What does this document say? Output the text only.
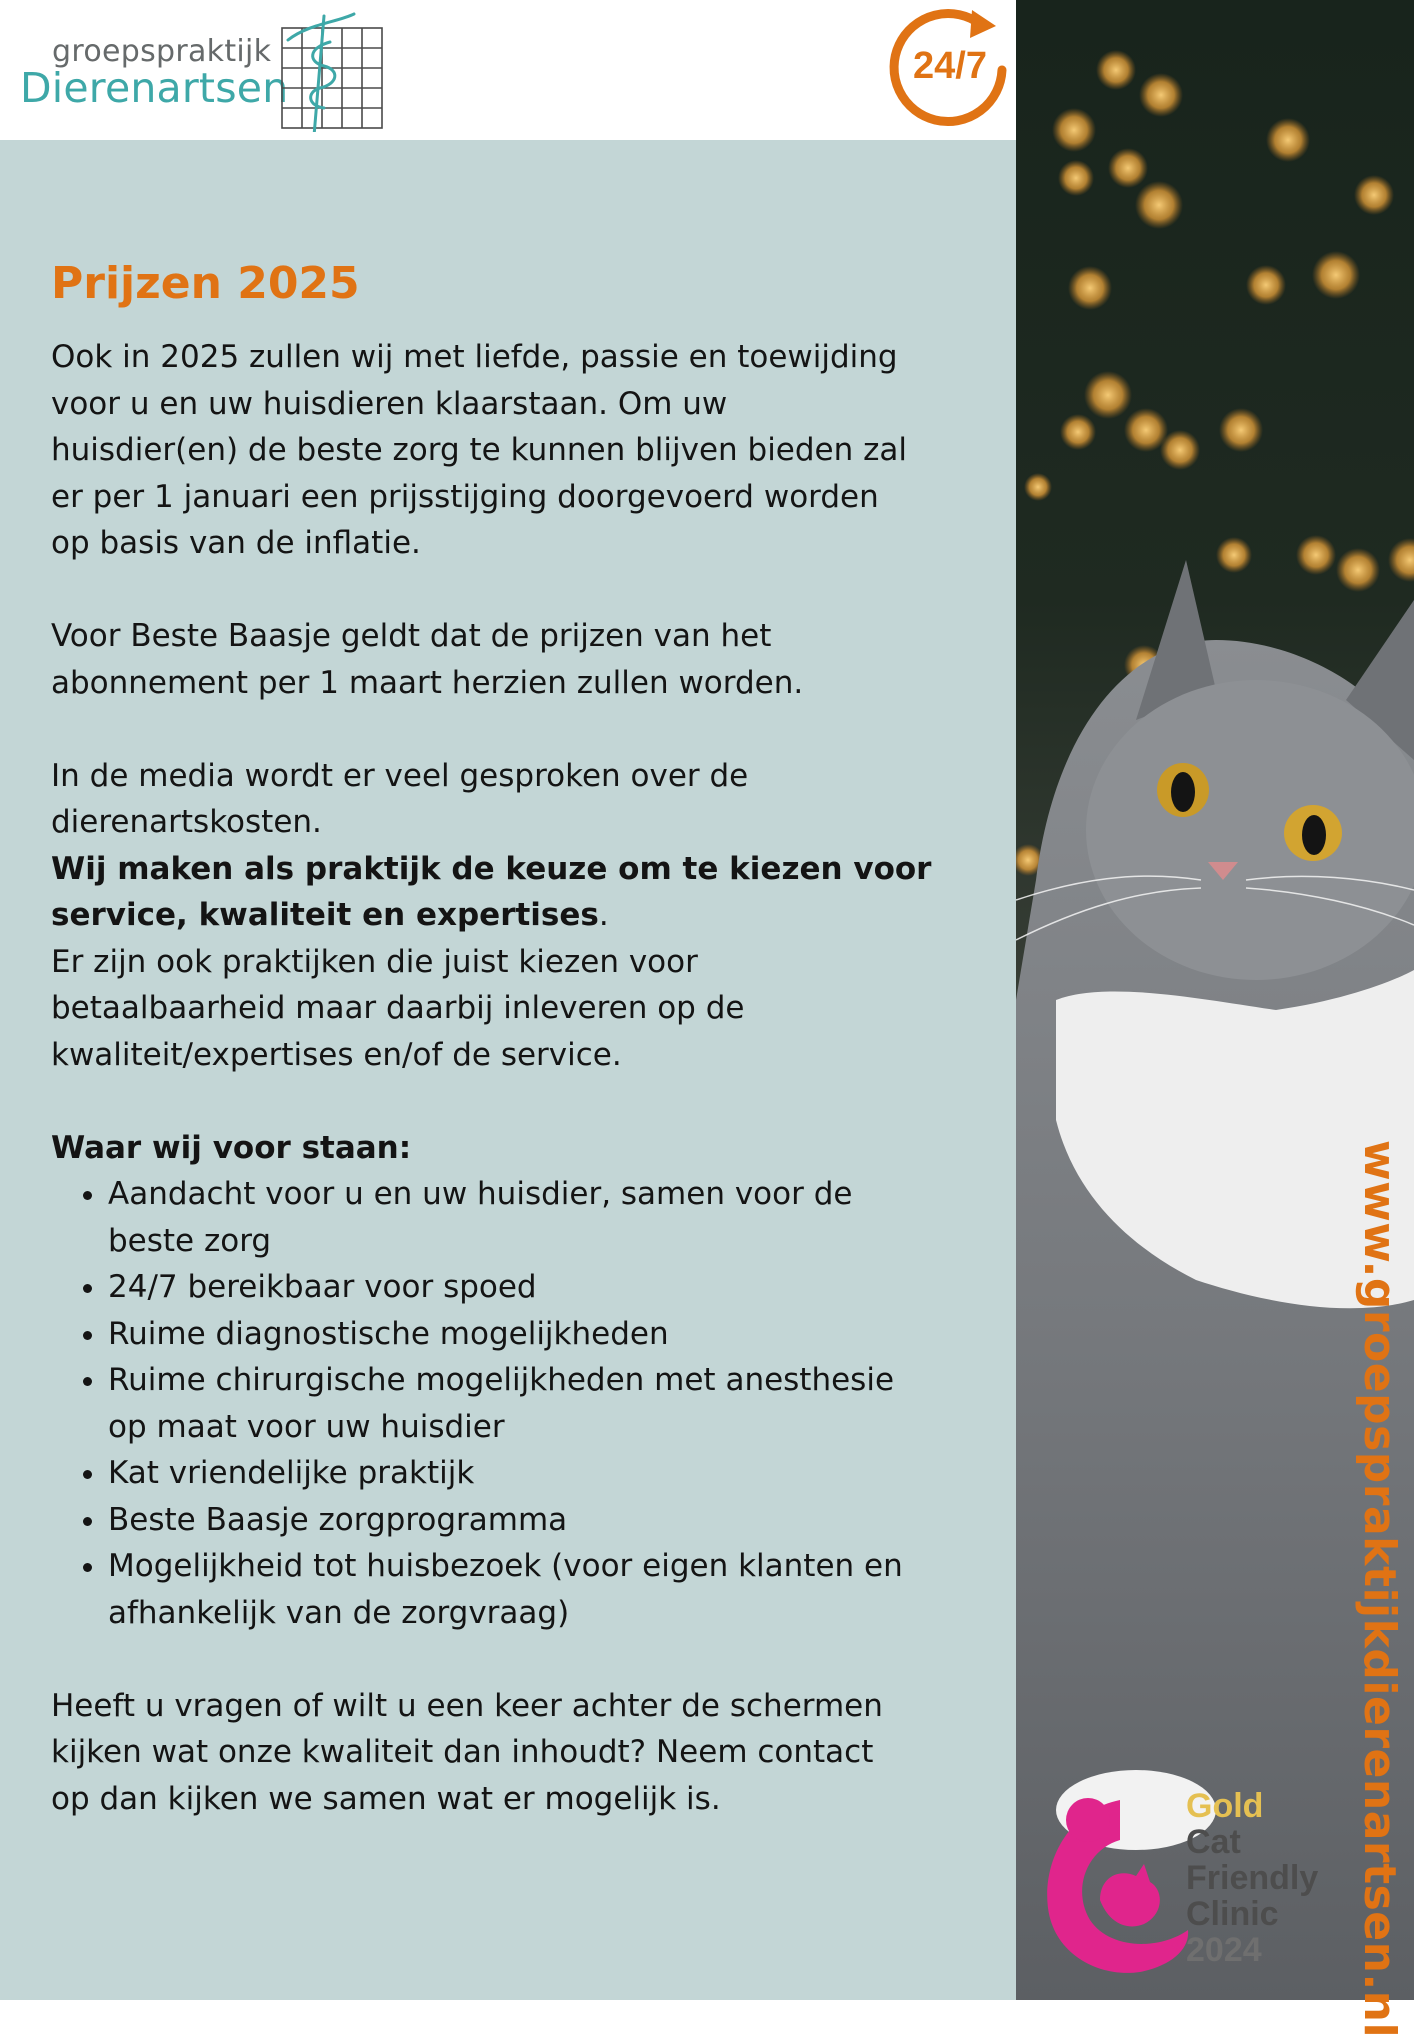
groepspraktijk
Dierenartsen	24/7
Prijzen 2025

Ook in 2025 zullen wij met liefde, passie en toewijding
voor u en uw huisdieren klaarstaan. Om uw
huisdier(en) de beste zorg te kunnen blijven bieden zal
er per 1 januari een prijsstijging doorgevoerd worden
op basis van de inflatie.

Voor Beste Baasje geldt dat de prijzen van het
abonnement per 1 maart herzien zullen worden.

In de media wordt er veel gesproken over de
dierenartskosten.
Wij maken als praktijk de keuze om te kiezen voor
service, kwaliteit en expertises.
Er zijn ook praktijken die juist kiezen voor
betaalbaarheid maar daarbij inleveren op de
kwaliteit/expertises en/of de service.

Waar wij voor staan:

• Aandacht voor u en uw huisdier, samen voor de
beste zorg
• 24/7 bereikbaar voor spoed
• Ruime diagnostische mogelijkheden
• Ruime chirurgische mogelijkheden met anesthesie
op maat voor uw huisdier
• Kat vriendelijke praktijk
• Beste Baasje zorgprogramma
• Mogelijkheid tot huisbezoek (voor eigen klanten en
afhankelijk van de zorgvraag)

Heeft u vragen of wilt u een keer achter de schermen
kijken wat onze kwaliteit dan inhoudt? Neem contact
op dan kijken we samen wat er mogelijk is.	www.groepspraktijkdierenartsen.nl
Gold
Cat
Friendly
Clinic
2024
